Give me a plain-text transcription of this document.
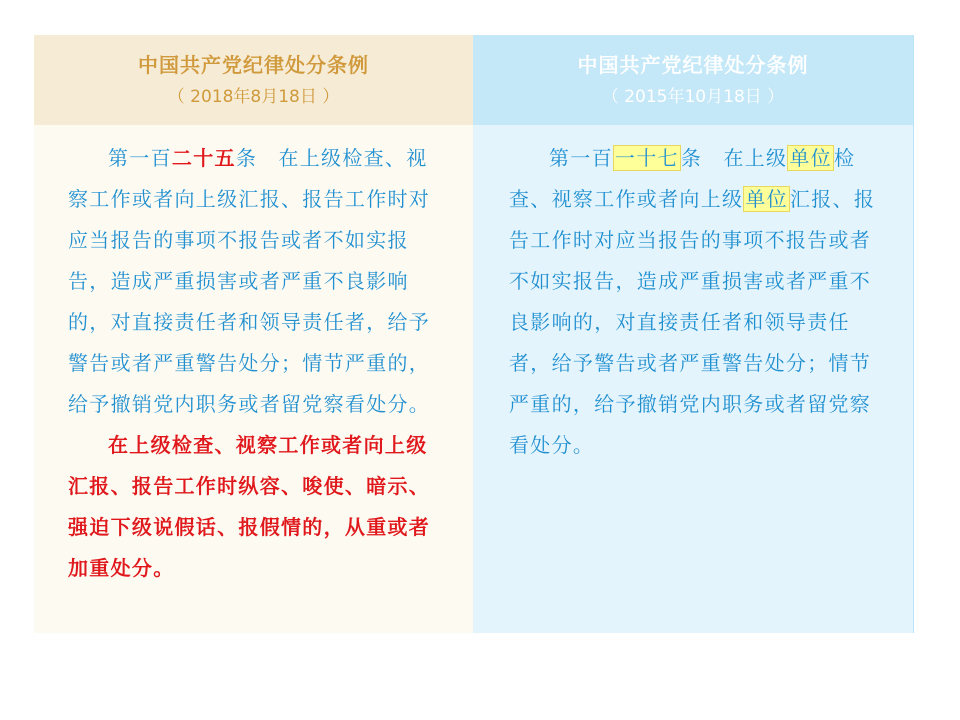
中国共产党纪律处分条例
（ 2018年8月18日 ）

第一百二十五条  在上级检查、视察工作或者向上级汇报、报告工作时对应当报告的事项不报告或者不如实报告，造成严重损害或者严重不良影响的，对直接责任者和领导责任者，给予警告或者严重警告处分；情节严重的，给予撤销党内职务或者留党察看处分。

在上级检查、视察工作或者向上级汇报、报告工作时纵容、唆使、暗示、强迫下级说假话、报假情的，从重或者加重处分。

中国共产党纪律处分条例
（ 2015年10月18日 ）

第一百 一十七 条  在上级 单位 检查、视察工作或者向上级 单位 汇报、报告工作时对应当报告的事项不报告或者不如实报告，造成严重损害或者严重不良影响的，对直接责任者和领导责任者，给予警告或者严重警告处分；情节严重的，给予撤销党内职务或者留党察看处分。
